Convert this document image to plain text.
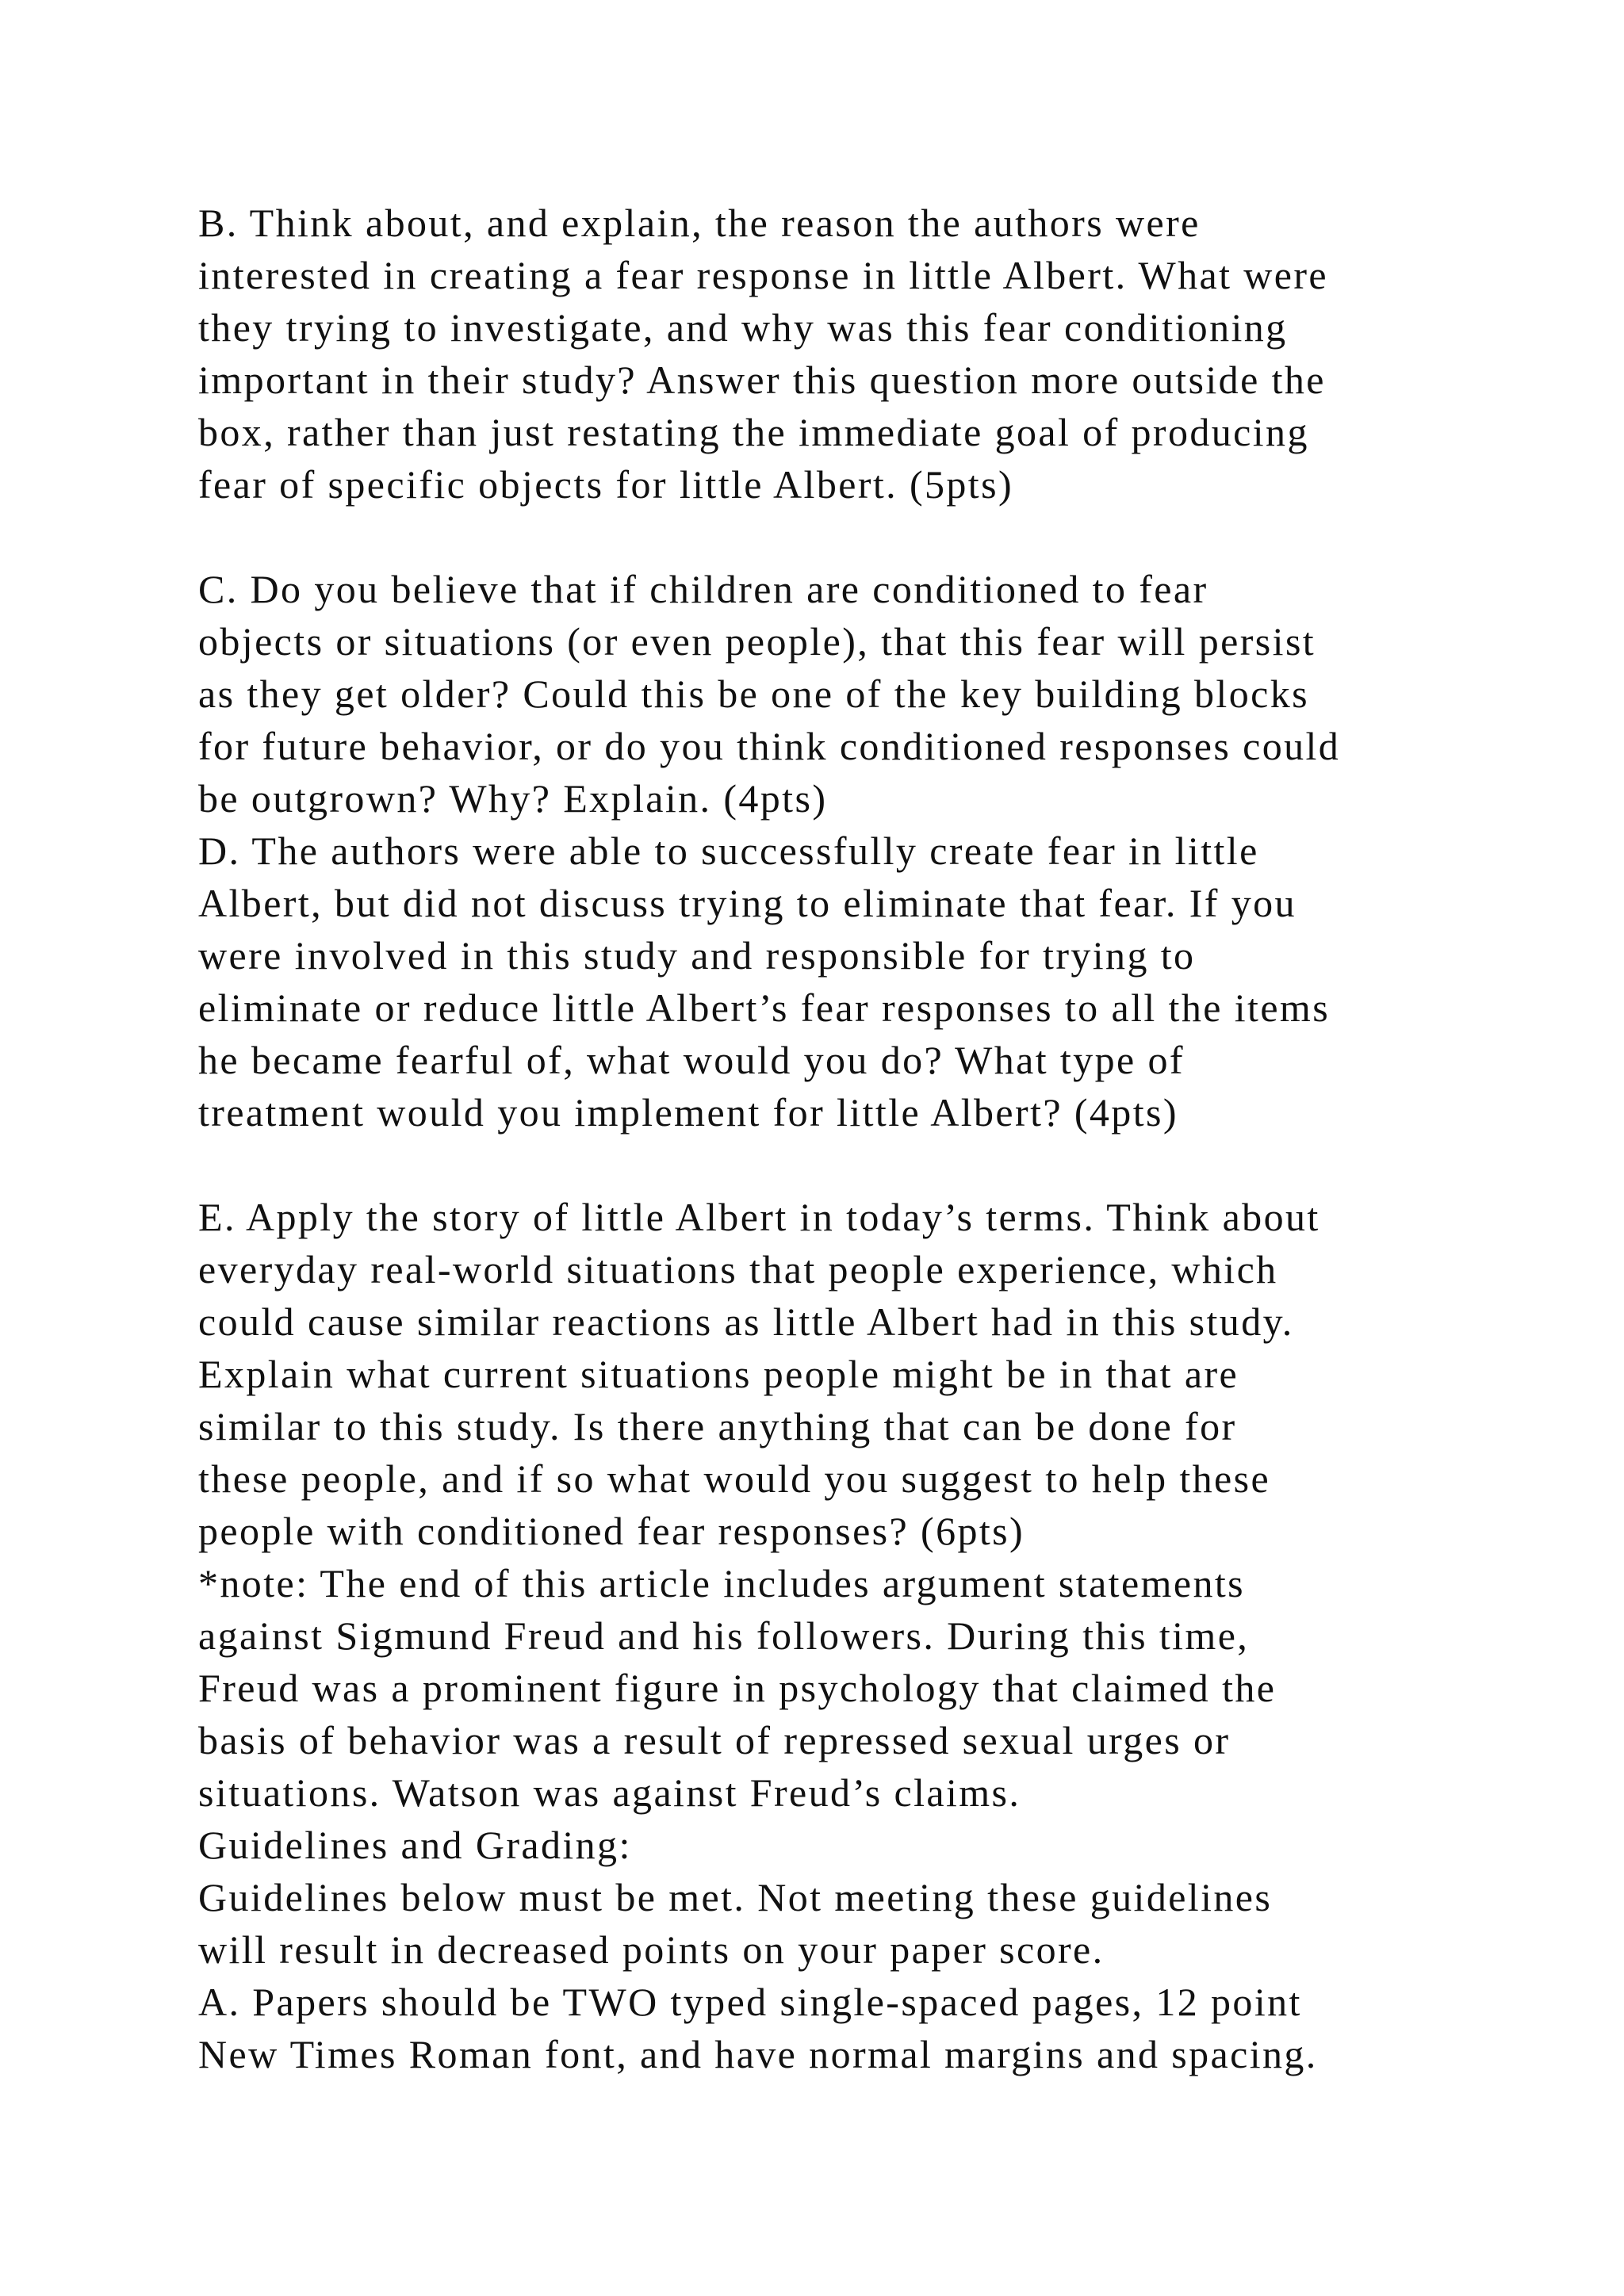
B. Think about, and explain, the reason the authors were
interested in creating a fear response in little Albert. What were
they trying to investigate, and why was this fear conditioning
important in their study? Answer this question more outside the
box, rather than just restating the immediate goal of producing
fear of specific objects for little Albert. (5pts)
C. Do you believe that if children are conditioned to fear
objects or situations (or even people), that this fear will persist
as they get older? Could this be one of the key building blocks
for future behavior, or do you think conditioned responses could
be outgrown? Why? Explain. (4pts)
D. The authors were able to successfully create fear in little
Albert, but did not discuss trying to eliminate that fear. If you
were involved in this study and responsible for trying to
eliminate or reduce little Albert’s fear responses to all the items
he became fearful of, what would you do? What type of
treatment would you implement for little Albert? (4pts)
E. Apply the story of little Albert in today’s terms. Think about
everyday real-world situations that people experience, which
could cause similar reactions as little Albert had in this study.
Explain what current situations people might be in that are
similar to this study. Is there anything that can be done for
these people, and if so what would you suggest to help these
people with conditioned fear responses? (6pts)
*note: The end of this article includes argument statements
against Sigmund Freud and his followers. During this time,
Freud was a prominent figure in psychology that claimed the
basis of behavior was a result of repressed sexual urges or
situations. Watson was against Freud’s claims.
Guidelines and Grading:
Guidelines below must be met. Not meeting these guidelines
will result in decreased points on your paper score.
A. Papers should be TWO typed single-spaced pages, 12 point
New Times Roman font, and have normal margins and spacing.
